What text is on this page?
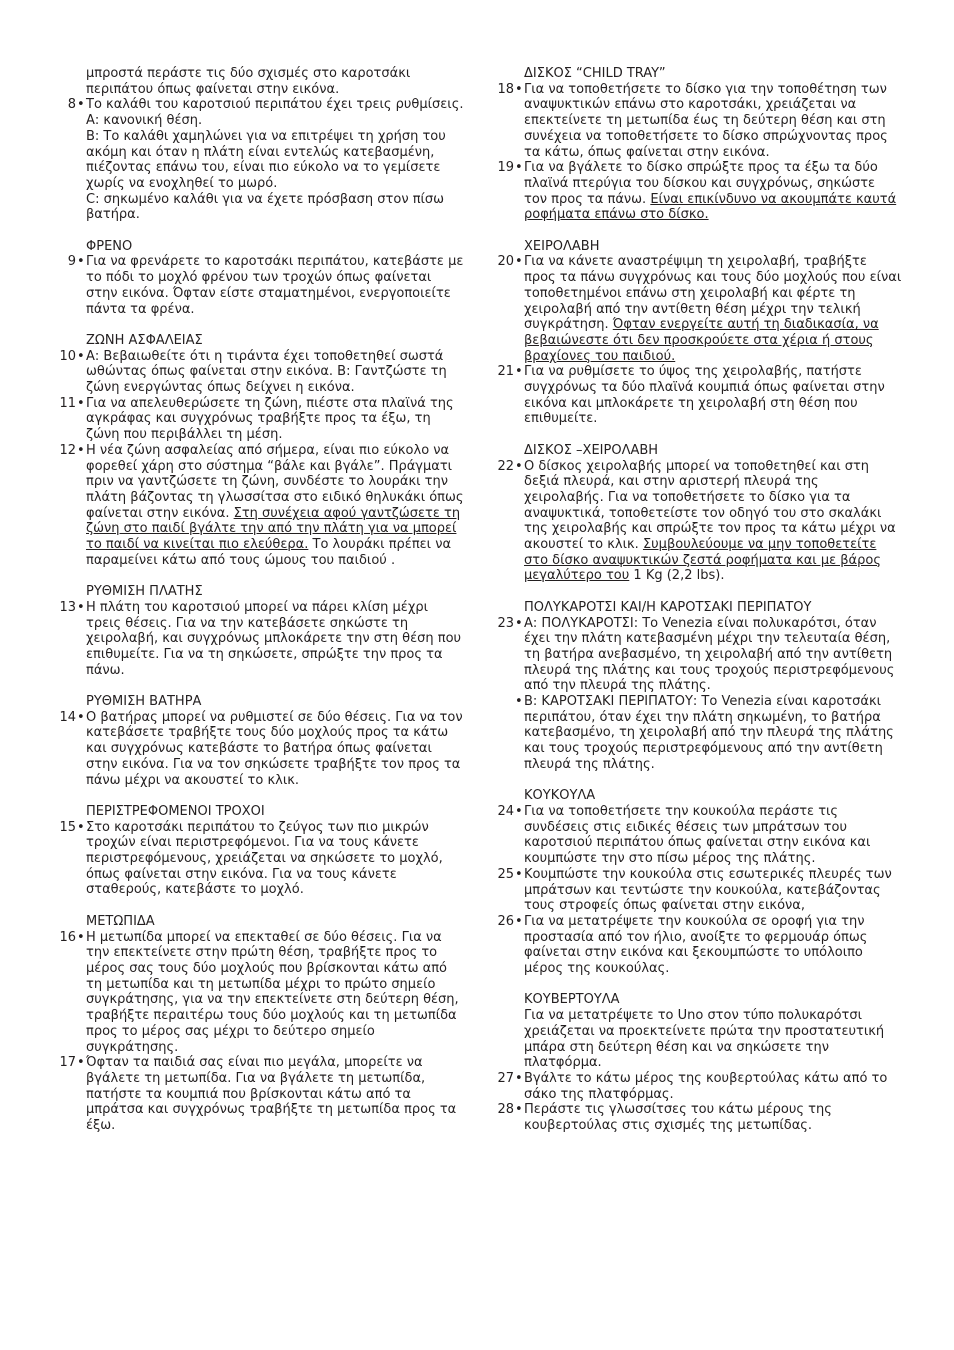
μπροστά περάστε τις δύο σχισμές στο καροτσάκι περιπάτου όπως φαίνεται στην εικόνα.

8 • Το καλάθι του καροτσιού περιπάτου έχει τρεις ρυθμίσεις.

Α: κανονική θέση.

Β: Το καλάθι χαμηλώνει για να επιτρέψει τη χρήση του ακόμη και όταν η πλάτη είναι εντελώς κατεβασμένη, πιέζοντας επάνω του, είναι πιο εύκολο να το γεμίσετε χωρίς να ενοχληθεί το μωρό.

C: σηκωμένο καλάθι για να έχετε πρόσβαση στον πίσω βατήρα.

ΦΡΕΝΟ
9 • Για να φρενάρετε το καροτσάκι περιπάτου, κατεβάστε με το πόδι το μοχλό φρένου των τροχών όπως φαίνεται στην εικόνα. Όφταν είστε σταματημένοι, ενεργοποιείτε πάντα τα φρένα.

ΖΩΝΗ ΑΣΦΑΛΕΙΑΣ
10 • Α: Βεβαιωθείτε ότι η τιράντα έχει τοποθετηθεί σωστά ωθώντας όπως φαίνεται στην εικόνα. Β: Γαντζώστε τη ζώνη ενεργώντας όπως δείχνει η εικόνα.

11 • Για να απελευθερώσετε τη ζώνη, πιέστε στα πλαϊνά της αγκράφας και συγχρόνως τραβήξτε προς τα έξω, τη ζώνη που περιβάλλει τη μέση.

12 • Η νέα ζώνη ασφαλείας από σήμερα, είναι πιο εύκολο να φορεθεί χάρη στο σύστημα “βάλε και βγάλε”. Πράγματι πριν να γαντζώσετε τη ζώνη, συνδέστε το λουράκι την πλάτη βάζοντας τη γλωσσίτσα στο ειδικό θηλυκάκι όπως φαίνεται στην εικόνα. Στη συνέχεια αφού γαντζώσετε τη ζώνη στο παιδί βγάλτε την από την πλάτη για να μπορεί το παιδί να κινείται πιο ελεύθερα. Το λουράκι πρέπει να παραμείνει κάτω από τους ώμους του παιδιού .

ΡΥΘΜΙΣΗ ΠΛΑΤΗΣ
13 • Η πλάτη του καροτσιού μπορεί να πάρει κλίση μέχρι τρεις θέσεις. Για να την κατεβάσετε σηκώστε τη χειρολαβή, και συγχρόνως μπλοκάρετε την στη θέση που επιθυμείτε. Για να τη σηκώσετε, σπρώξτε την προς τα πάνω.

ΡΥΘΜΙΣΗ ΒΑΤΗΡΑ
14 • Ο βατήρας μπορεί να ρυθμιστεί σε δύο θέσεις. Για να τον κατεβάσετε τραβήξτε τους δύο μοχλούς προς τα κάτω και συγχρόνως κατεβάστε το βατήρα όπως φαίνεται στην εικόνα. Για να τον σηκώσετε τραβήξτε τον προς τα πάνω μέχρι να ακουστεί το κλικ.

ΠΕΡΙΣΤΡΕΦΟΜΕΝΟΙ ΤΡΟΧΟΙ
15 • Στο καροτσάκι περιπάτου το ζεύγος των πιο μικρών τροχών είναι περιστρεφόμενοι. Για να τους κάνετε περιστρεφόμενους, χρειάζεται να σηκώσετε το μοχλό, όπως φαίνεται στην εικόνα. Για να τους κάνετε σταθερούς, κατεβάστε το μοχλό.

ΜΕΤΩΠΙΔΑ
16 • Η μετωπίδα μπορεί να επεκταθεί σε δύο θέσεις. Για να την επεκτείνετε στην πρώτη θέση, τραβήξτε προς το μέρος σας τους δύο μοχλούς που βρίσκονται κάτω από τη μετωπίδα και τη μετωπίδα μέχρι το πρώτο σημείο συγκράτησης, για να την επεκτείνετε στη δεύτερη θέση, τραβήξτε περαιτέρω τους δύο μοχλούς και τη μετωπίδα προς το μέρος σας μέχρι το δεύτερο σημείο συγκράτησης.

17 • Όφταν τα παιδιά σας είναι πιο μεγάλα, μπορείτε να βγάλετε τη μετωπίδα. Για να βγάλετε τη μετωπίδα, πατήστε τα κουμπιά που βρίσκονται κάτω από τα μπράτσα και συγχρόνως τραβήξτε τη μετωπίδα προς τα έξω.

ΔΙΣΚΟΣ “CHILD TRAY”
18 • Για να τοποθετήσετε το δίσκο για την τοποθέτηση των αναψυκτικών επάνω στο καροτσάκι, χρειάζεται να επεκτείνετε τη μετωπίδα έως τη δεύτερη θέση και στη συνέχεια να τοποθετήσετε το δίσκο σπρώχνοντας προς τα κάτω, όπως φαίνεται στην εικόνα.

19 • Για να βγάλετε το δίσκο σπρώξτε προς τα έξω τα δύο πλαϊνά πτερύγια του δίσκου και συγχρόνως, σηκώστε τον προς τα πάνω. Είναι επικίνδυνο να ακουμπάτε καυτά ροφήματα επάνω στο δίσκο.

ΧΕΙΡΟΛΑΒΗ
20 • Για να κάνετε αναστρέψιμη τη χειρολαβή, τραβήξτε προς τα πάνω συγχρόνως και τους δύο μοχλούς που είναι τοποθετημένοι επάνω στη χειρολαβή και φέρτε τη χειρολαβή από την αντίθετη θέση μέχρι την τελική συγκράτηση. Όφταν ενεργείτε αυτή τη διαδικασία, να βεβαιώνεστε ότι δεν προσκρούετε στα χέρια ή στους βραχίονες του παιδιού.

21 • Για να ρυθμίσετε το ύψος της χειρολαβής, πατήστε συγχρόνως τα δύο πλαϊνά κουμπιά όπως φαίνεται στην εικόνα και μπλοκάρετε τη χειρολαβή στη θέση που επιθυμείτε.

ΔΙΣΚΟΣ –ΧΕΙΡΟΛΑΒΗ
22 • Ο δίσκος χειρολαβής μπορεί να τοποθετηθεί και στη δεξιά πλευρά, και στην αριστερή πλευρά της χειρολαβής. Για να τοποθετήσετε το δίσκο για τα αναψυκτικά, τοποθετείστε τον οδηγό του στο σκαλάκι της χειρολαβής και σπρώξτε τον προς τα κάτω μέχρι να ακουστεί το κλικ. Συμβουλεύουμε να μην τοποθετείτε στο δίσκο αναψυκτικών ζεστά ροφήματα και με βάρος μεγαλύτερο του 1 Kg (2,2 lbs).

ΠΟΛΥΚΑΡΟΤΣΙ ΚΑΙ/Η ΚΑΡΟΤΣΑΚΙ ΠΕΡΙΠΑΤΟΥ
23 • Α: ΠΟΛΥΚΑΡΟΤΣΙ: Το Venezia είναι πολυκαρότσι, όταν έχει την πλάτη κατεβασμένη μέχρι την τελευταία θέση, τη βατήρα ανεβασμένο, τη χειρολαβή από την αντίθετη πλευρά της πλάτης και τους τροχούς περιστρεφόμενους από την πλευρά της πλάτης.

• Β: ΚΑΡΟΤΣΑΚΙ ΠΕΡΙΠΑΤΟΥ: Το Venezia είναι καροτσάκι περιπάτου, όταν έχει την πλάτη σηκωμένη, το βατήρα κατεβασμένο, τη χειρολαβή από την πλευρά της πλάτης και τους τροχούς περιστρεφόμενους από την αντίθετη πλευρά της πλάτης.

ΚΟΥΚΟΥΛΑ
24 • Για να τοποθετήσετε την κουκούλα περάστε τις συνδέσεις στις ειδικές θέσεις των μπράτσων του καροτσιού περιπάτου όπως φαίνεται στην εικόνα και κουμπώστε την στο πίσω μέρος της πλάτης.

25 • Κουμπώστε την κουκούλα στις εσωτερικές πλευρές των μπράτσων και τεντώστε την κουκούλα, κατεβάζοντας τους στροφείς όπως φαίνεται στην εικόνα,

26 • Για να μετατρέψετε την κουκούλα σε οροφή για την προστασία από τον ήλιο, ανοίξτε το φερμουάρ όπως φαίνεται στην εικόνα και ξεκουμπώστε το υπόλοιπο μέρος της κουκούλας.

ΚΟΥΒΕΡΤΟΥΛΑ

Για να μετατρέψετε το Uno στον τύπο πολυκαρότσι χρειάζεται να προεκτείνετε πρώτα την προστατευτική μπάρα στη δεύτερη θέση και να σηκώσετε την πλατφόρμα.

27 • Βγάλτε το κάτω μέρος της κουβερτούλας κάτω από το σάκο της πλατφόρμας.

28 • Περάστε τις γλωσσίτσες του κάτω μέρους της κουβερτούλας στις σχισμές της μετωπίδας.
